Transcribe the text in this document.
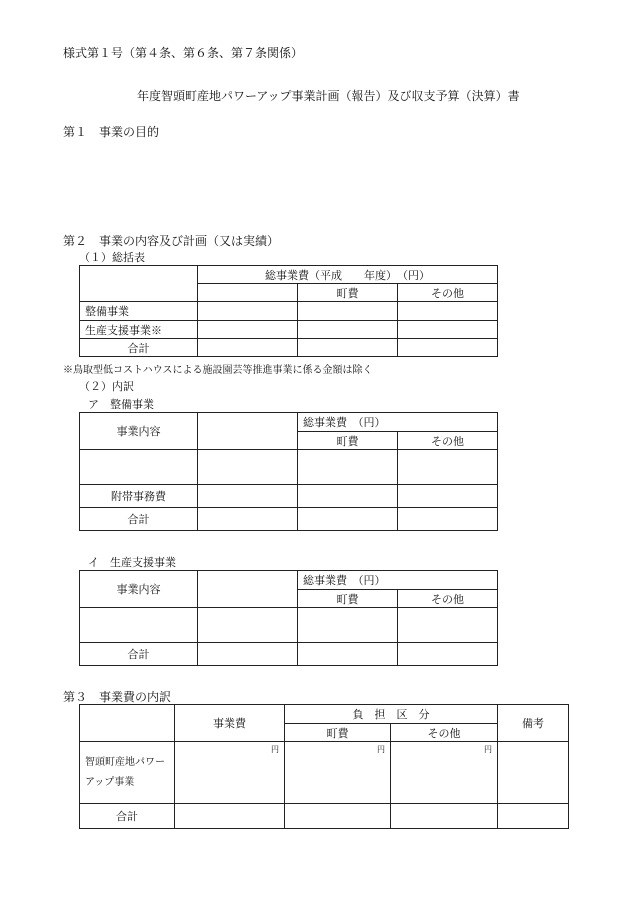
様式第１号（第４条、第６条、第７条関係）
年度智頭町産地パワーアップ事業計画（報告）及び収支予算（決算）書
第１　事業の目的
第２　事業の内容及び計画（又は実績）
（１）総括表
	総事業費（平成　　年度）　（円）		
		町費	その他
整備事業			
生産支援事業※			
合計			
※鳥取型低コストハウスによる施設園芸等推進事業に係る金額は除く
（２）内訳
ア　整備事業
事業内容		総事業費　（円）	
		町費	その他

附帯事務費			
合計			
イ　生産支援事業
事業内容		総事業費　（円）	
		町費	その他

合計			
第３　事業費の内訳
	事業費	負　担　区　分		備考
		町費	その他	
智頭町産地パワーアップ事業	円	円	円	
合計				
